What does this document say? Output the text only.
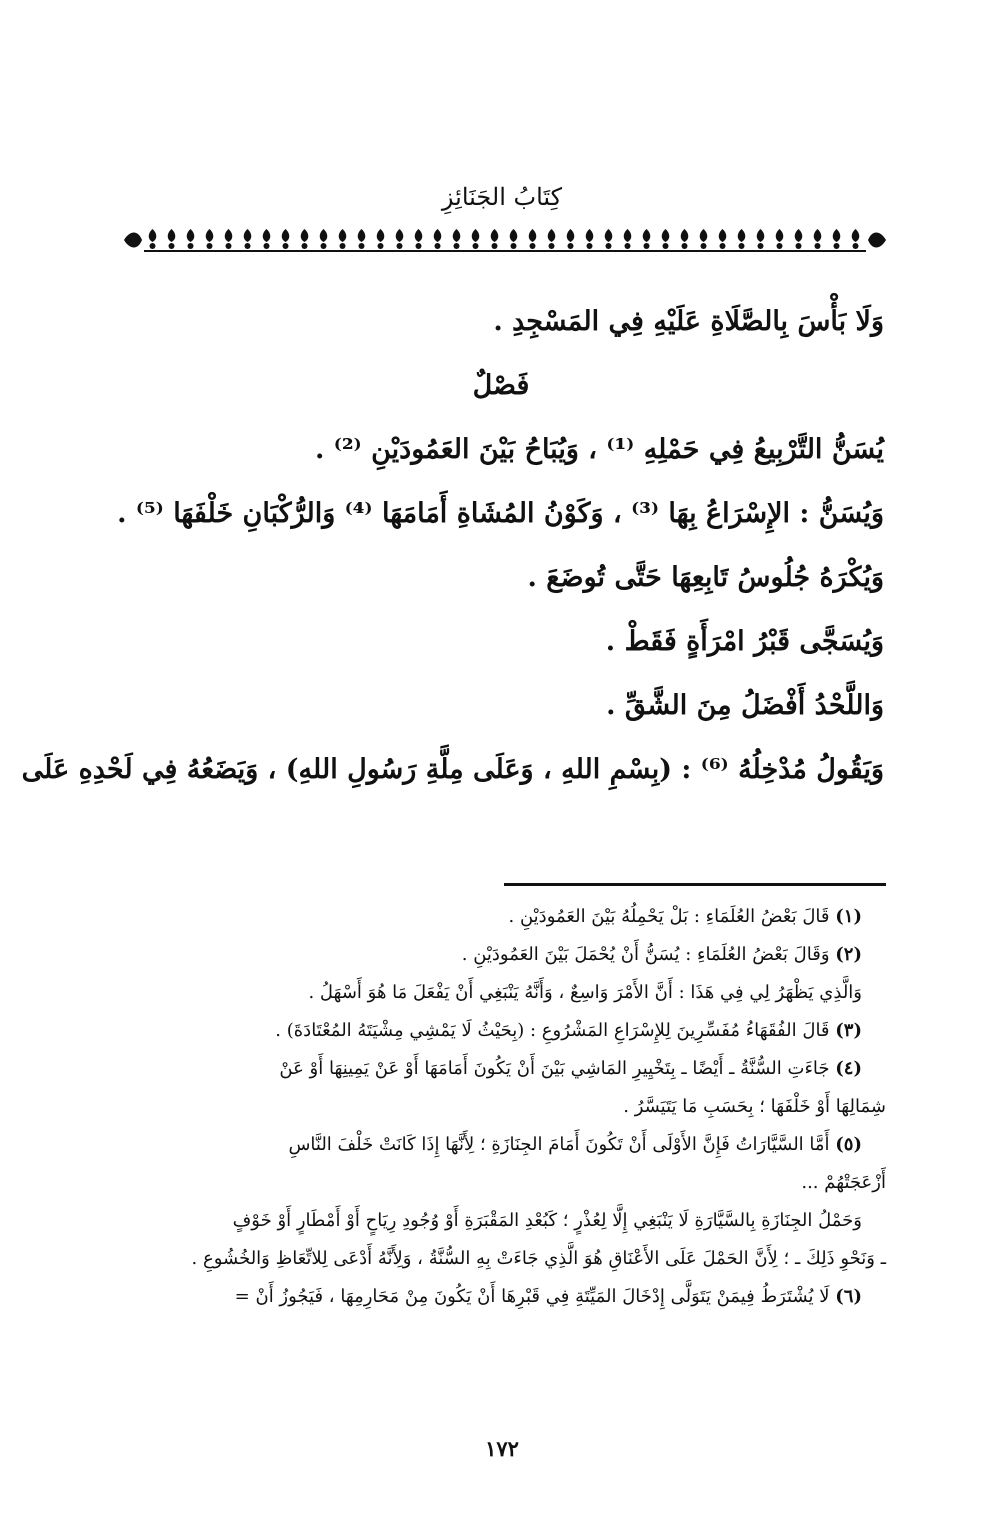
كِتَابُ الجَنَائِزِ
وَلَا بَأْسَ بِالصَّلَاةِ عَلَيْهِ فِي المَسْجِدِ .
فَصْلٌ
يُسَنُّ التَّرْبِيعُ فِي حَمْلِهِ ⁽¹⁾ ، وَيُبَاحُ بَيْنَ العَمُودَيْنِ ⁽²⁾ .
وَيُسَنُّ : الإِسْرَاعُ بِهَا ⁽³⁾ ، وَكَوْنُ المُشَاةِ أَمَامَهَا ⁽⁴⁾ وَالرُّكْبَانِ خَلْفَهَا ⁽⁵⁾ .
وَيُكْرَهُ جُلُوسُ تَابِعِهَا حَتَّى تُوضَعَ .
وَيُسَجَّى قَبْرُ امْرَأَةٍ فَقَطْ .
وَاللَّحْدُ أَفْضَلُ مِنَ الشَّقِّ .
وَيَقُولُ مُدْخِلُهُ ⁽⁶⁾ : (بِسْمِ اللهِ ، وَعَلَى مِلَّةِ رَسُولِ اللهِ) ، وَيَضَعُهُ فِي لَحْدِهِ عَلَى
(١) قَالَ بَعْضُ العُلَمَاءِ : بَلْ يَحْمِلُهُ بَيْنَ العَمُودَيْنِ .
(٢) وَقَالَ بَعْضُ العُلَمَاءِ : يُسَنُّ أَنْ يُحْمَلَ بَيْنَ العَمُودَيْنِ .
وَالَّذِي يَظْهَرُ لِي فِي هَذَا : أَنَّ الأَمْرَ وَاسِعٌ ، وَأَنَّهُ يَنْبَغِي أَنْ يَفْعَلَ مَا هُوَ أَسْهَلُ .
(٣) قَالَ الفُقَهَاءُ مُفَسِّرِينَ لِلإِسْرَاعِ المَشْرُوعِ : (بِحَيْثُ لَا يَمْشِي مِشْيَتَهُ المُعْتَادَةَ) .
(٤) جَاءَتِ السُّنَّةُ ـ أَيْضًا ـ بِتَخْيِيرِ المَاشِي بَيْنَ أَنْ يَكُونَ أَمَامَهَا أَوْ عَنْ يَمِينِهَا أَوْ عَنْ
شِمَالِهَا أَوْ خَلْفَهَا ؛ بِحَسَبِ مَا يَتَيَسَّرُ .
(٥) أَمَّا السَّيَّارَاتُ فَإِنَّ الأَوْلَى أَنْ تَكُونَ أَمَامَ الجِنَازَةِ ؛ لِأَنَّهَا إِذَا كَانَتْ خَلْفَ النَّاسِ
أَزْعَجَتْهُمْ ...
وَحَمْلُ الجِنَازَةِ بِالسَّيَّارَةِ لَا يَنْبَغِي إِلَّا لِعُذْرٍ ؛ كَبُعْدِ المَقْبَرَةِ أَوْ وُجُودِ رِيَاحٍ أَوْ أَمْطَارٍ أَوْ خَوْفٍ
ـ وَنَحْوِ ذَلِكَ ـ ؛ لِأَنَّ الحَمْلَ عَلَى الأَعْنَاقِ هُوَ الَّذِي جَاءَتْ بِهِ السُّنَّةُ ، وَلِأَنَّهُ أَدْعَى لِلاتِّعَاظِ وَالخُشُوعِ .
(٦) لَا يُشْتَرَطُ فِيمَنْ يَتَوَلَّى إِدْخَالَ المَيِّتَةِ فِي قَبْرِهَا أَنْ يَكُونَ مِنْ مَحَارِمِهَا ، فَيَجُوزُ أَنْ =
١٧٢
